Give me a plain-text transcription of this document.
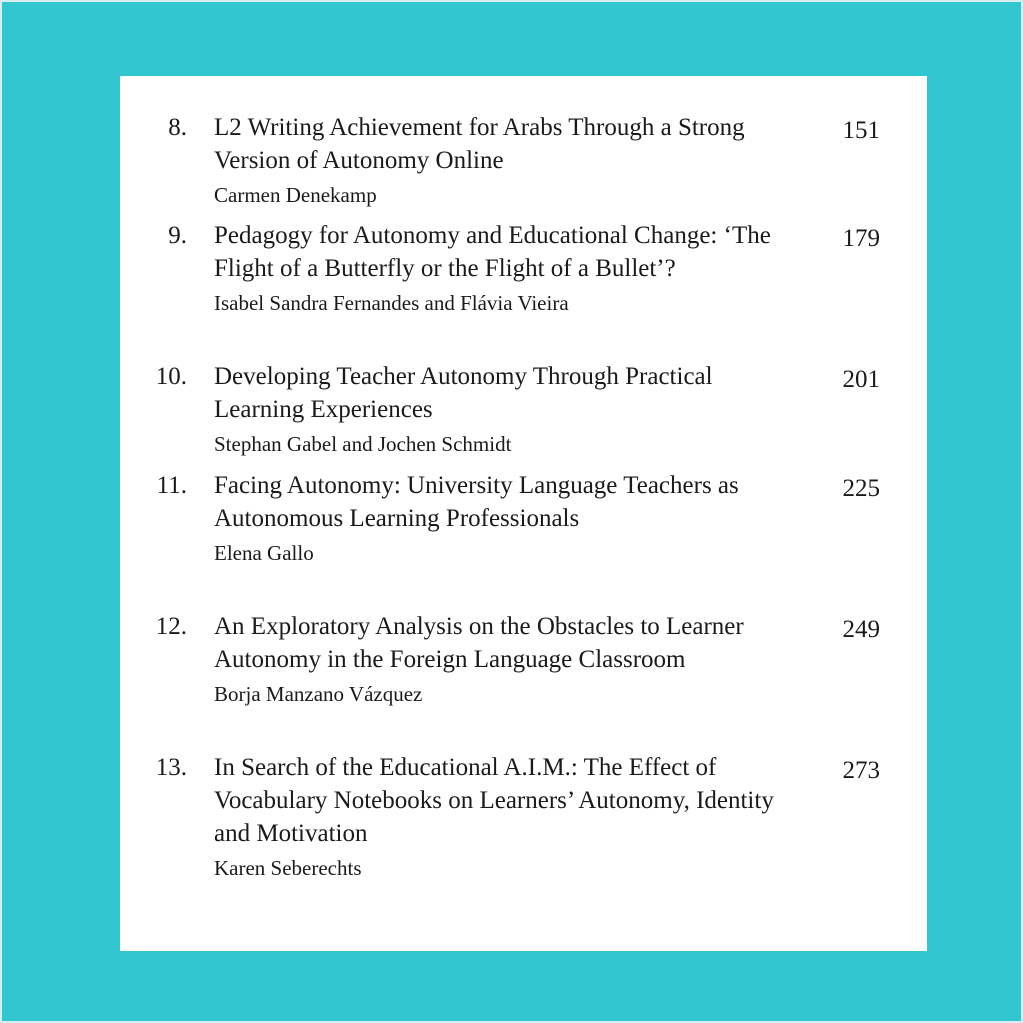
8. L2 Writing Achievement for Arabs Through a Strong Version of Autonomy Online
Carmen Denekamp
151
9. Pedagogy for Autonomy and Educational Change: ‘The Flight of a Butterfly or the Flight of a Bullet’?
Isabel Sandra Fernandes and Flávia Vieira
179
10. Developing Teacher Autonomy Through Practical Learning Experiences
Stephan Gabel and Jochen Schmidt
201
11. Facing Autonomy: University Language Teachers as Autonomous Learning Professionals
Elena Gallo
225
12. An Exploratory Analysis on the Obstacles to Learner Autonomy in the Foreign Language Classroom
Borja Manzano Vázquez
249
13. In Search of the Educational A.I.M.: The Effect of Vocabulary Notebooks on Learners’ Autonomy, Identity and Motivation
Karen Seberechts
273
